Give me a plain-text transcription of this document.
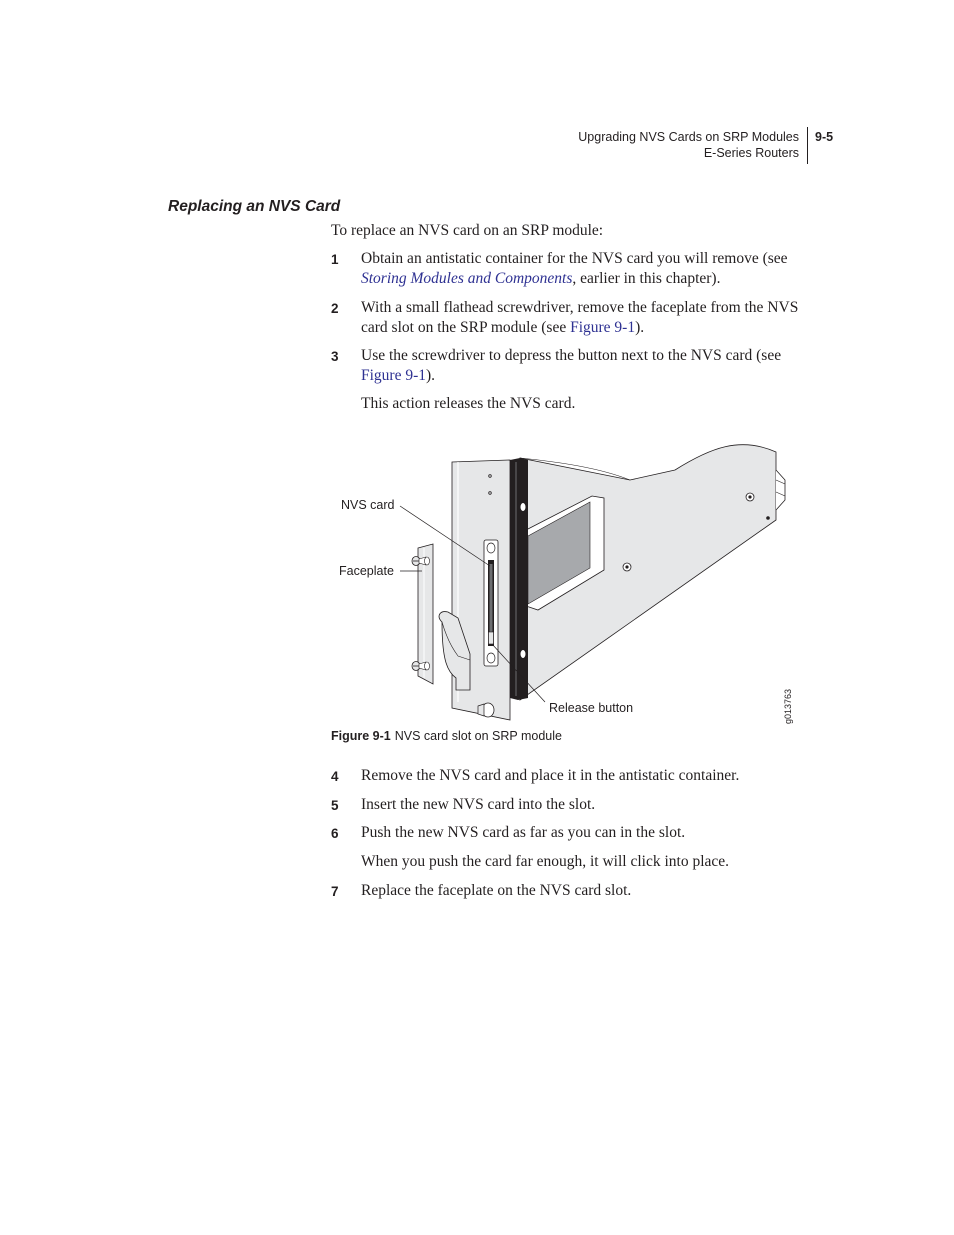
Upgrading NVS Cards on SRP Modules
E-Series Routers
9-5
Replacing an NVS Card

To replace an NVS card on an SRP module:

1 Obtain an antistatic container for the NVS card you will remove (see Storing Modules and Components, earlier in this chapter).
2 With a small flathead screwdriver, remove the faceplate from the NVS card slot on the SRP module (see Figure 9-1).
3 Use the screwdriver to depress the button next to the NVS card (see Figure 9-1).

This action releases the NVS card.

NVS card
Faceplate
Release button	g013763
Figure 9-1 NVS card slot on SRP module
4 Remove the NVS card and place it in the antistatic container.
5 Insert the new NVS card into the slot.
6 Push the new NVS card as far as you can in the slot.

When you push the card far enough, it will click into place.

7 Replace the faceplate on the NVS card slot.
